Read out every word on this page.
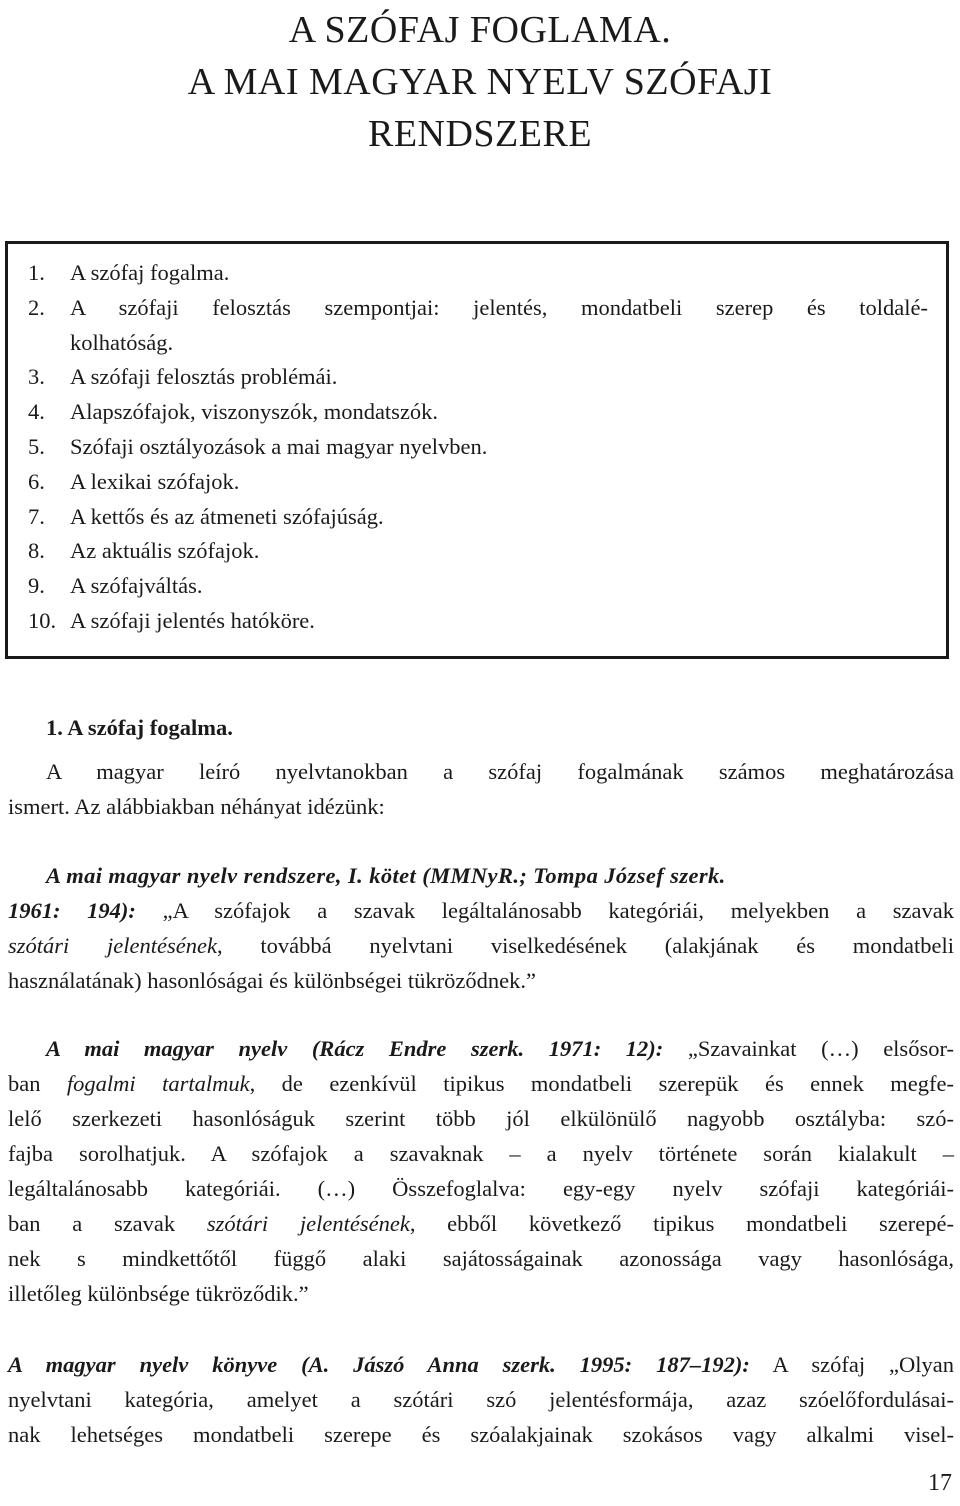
A SZÓFAJ FOGLAMA.
A MAI MAGYAR NYELV SZÓFAJI
RENDSZERE
1.	A szófaj fogalma.
2.	A szófaji felosztás szempontjai: jelentés, mondatbeli szerep és toldalé-
kolhatóság.
3.	A szófaji felosztás problémái.
4.	Alapszófajok, viszonyszók, mondatszók.
5.	Szófaji osztályozások a mai magyar nyelvben.
6.	A lexikai szófajok.
7.	A kettős és az átmeneti szófajúság.
8.	Az aktuális szófajok.
9.	A szófajváltás.
10. A szófaji jelentés hatóköre.
1. A szófaj fogalma.
A magyar leíró nyelvtanokban a szófaj fogalmának számos meghatározása
ismert. Az alábbiakban néhányat idézünk:
A mai magyar nyelv rendszere, I. kötet (MMNyR.; Tompa József szerk.
1961: 194): „A szófajok a szavak legáltalánosabb kategóriái, melyekben a szavak
szótári jelentésének, továbbá nyelvtani viselkedésének (alakjának és mondatbeli
használatának) hasonlóságai és különbségei tükröződnek.”
A mai magyar nyelv (Rácz Endre szerk. 1971: 12): „Szavainkat (…) elsősor-
ban fogalmi tartalmuk, de ezenkívül tipikus mondatbeli szerepük és ennek megfe-
lelő szerkezeti hasonlóságuk szerint több jól elkülönülő nagyobb osztályba: szó-
fajba sorolhatjuk. A szófajok a szavaknak – a nyelv története során kialakult –
legáltalánosabb kategóriái. (…) Összefoglalva: egy-egy nyelv szófaji kategóriái-
ban a szavak szótári jelentésének, ebből következő tipikus mondatbeli szerepé-
nek s mindkettőtől függő alaki sajátosságainak azonossága vagy hasonlósága,
illetőleg különbsége tükröződik.”
A magyar nyelv könyve (A. Jászó Anna szerk. 1995: 187–192): A szófaj „Olyan
nyelvtani kategória, amelyet a szótári szó jelentésformája, azaz szóelőfordulásai-
nak lehetséges mondatbeli szerepe és szóalakjainak szokásos vagy alkalmi visel-
17
